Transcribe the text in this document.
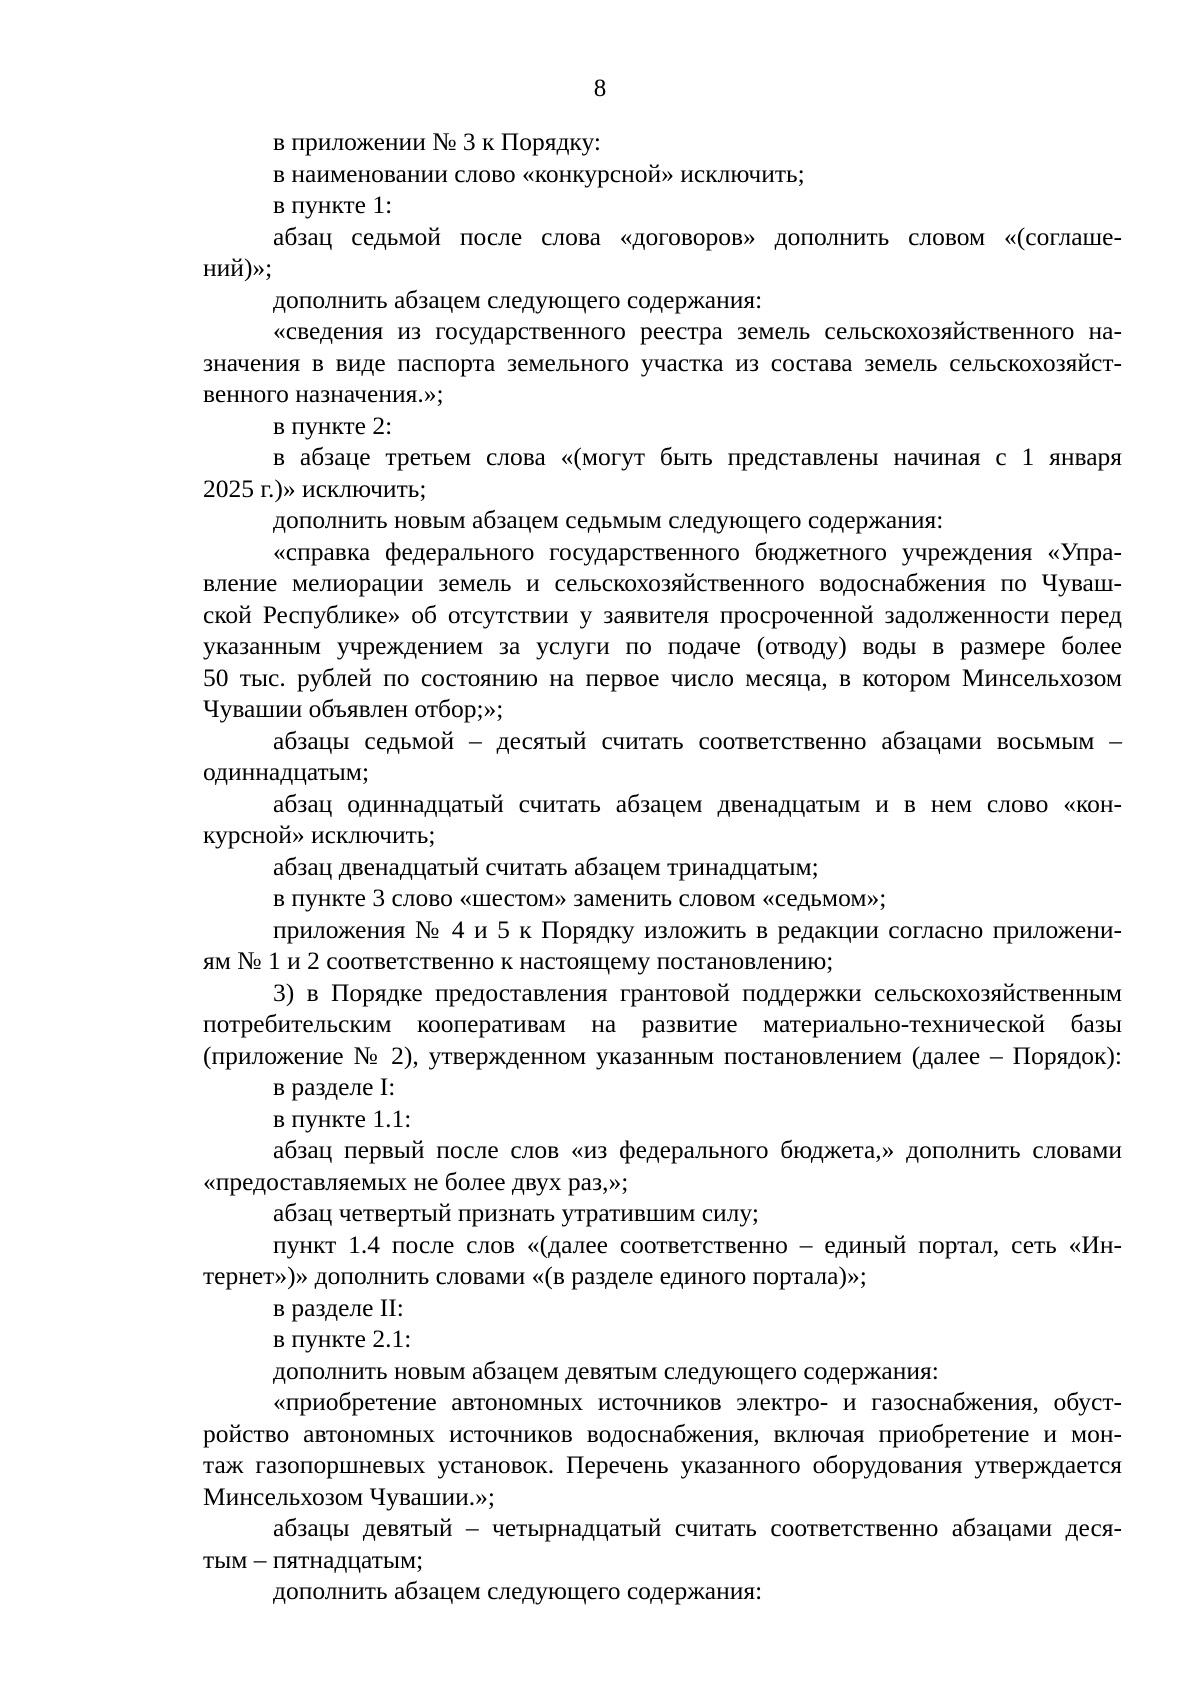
8
в приложении № 3 к Порядку:
в наименовании слово «конкурсной» исключить;
в пункте 1:
абзац седьмой после слова «договоров» дополнить словом «(соглаше-
ний)»;
дополнить абзацем следующего содержания:
«сведения из государственного реестра земель сельскохозяйственного на-
значения в виде паспорта земельного участка из состава земель сельскохозяйст-
венного назначения.»;
в пункте 2:
в абзаце третьем слова «(могут быть представлены начиная с 1 января
2025 г.)» исключить;
дополнить новым абзацем седьмым следующего содержания:
«справка федерального государственного бюджетного учреждения «Упра-
вление мелиорации земель и сельскохозяйственного водоснабжения по Чуваш-
ской Республике» об отсутствии у заявителя просроченной задолженности перед
указанным учреждением за услуги по подаче (отводу) воды в размере более
50 тыс. рублей по состоянию на первое число месяца, в котором Минсельхозом
Чувашии объявлен отбор;»;
абзацы седьмой – десятый считать соответственно абзацами восьмым –
одиннадцатым;
абзац одиннадцатый считать абзацем двенадцатым и в нем слово «кон-
курсной» исключить;
абзац двенадцатый считать абзацем тринадцатым;
в пункте 3 слово «шестом» заменить словом «седьмом»;
приложения № 4 и 5 к Порядку изложить в редакции согласно приложени-
ям № 1 и 2 соответственно к настоящему постановлению;
3) в Порядке предоставления грантовой поддержки сельскохозяйственным
потребительским кооперативам на развитие материально-технической базы
(приложение № 2), утвержденном указанным постановлением (далее – Порядок):
в разделе I:
в пункте 1.1:
абзац первый после слов «из федерального бюджета,» дополнить словами
«предоставляемых не более двух раз,»;
абзац четвертый признать утратившим силу;
пункт 1.4 после слов «(далее соответственно – единый портал, сеть «Ин-
тернет»)» дополнить словами «(в разделе единого портала)»;
в разделе II:
в пункте 2.1:
дополнить новым абзацем девятым следующего содержания:
«приобретение автономных источников электро- и газоснабжения, обуст-
ройство автономных источников водоснабжения, включая приобретение и мон-
таж газопоршневых установок. Перечень указанного оборудования утверждается
Минсельхозом Чувашии.»;
абзацы девятый – четырнадцатый считать соответственно абзацами деся-
тым – пятнадцатым;
дополнить абзацем следующего содержания:
